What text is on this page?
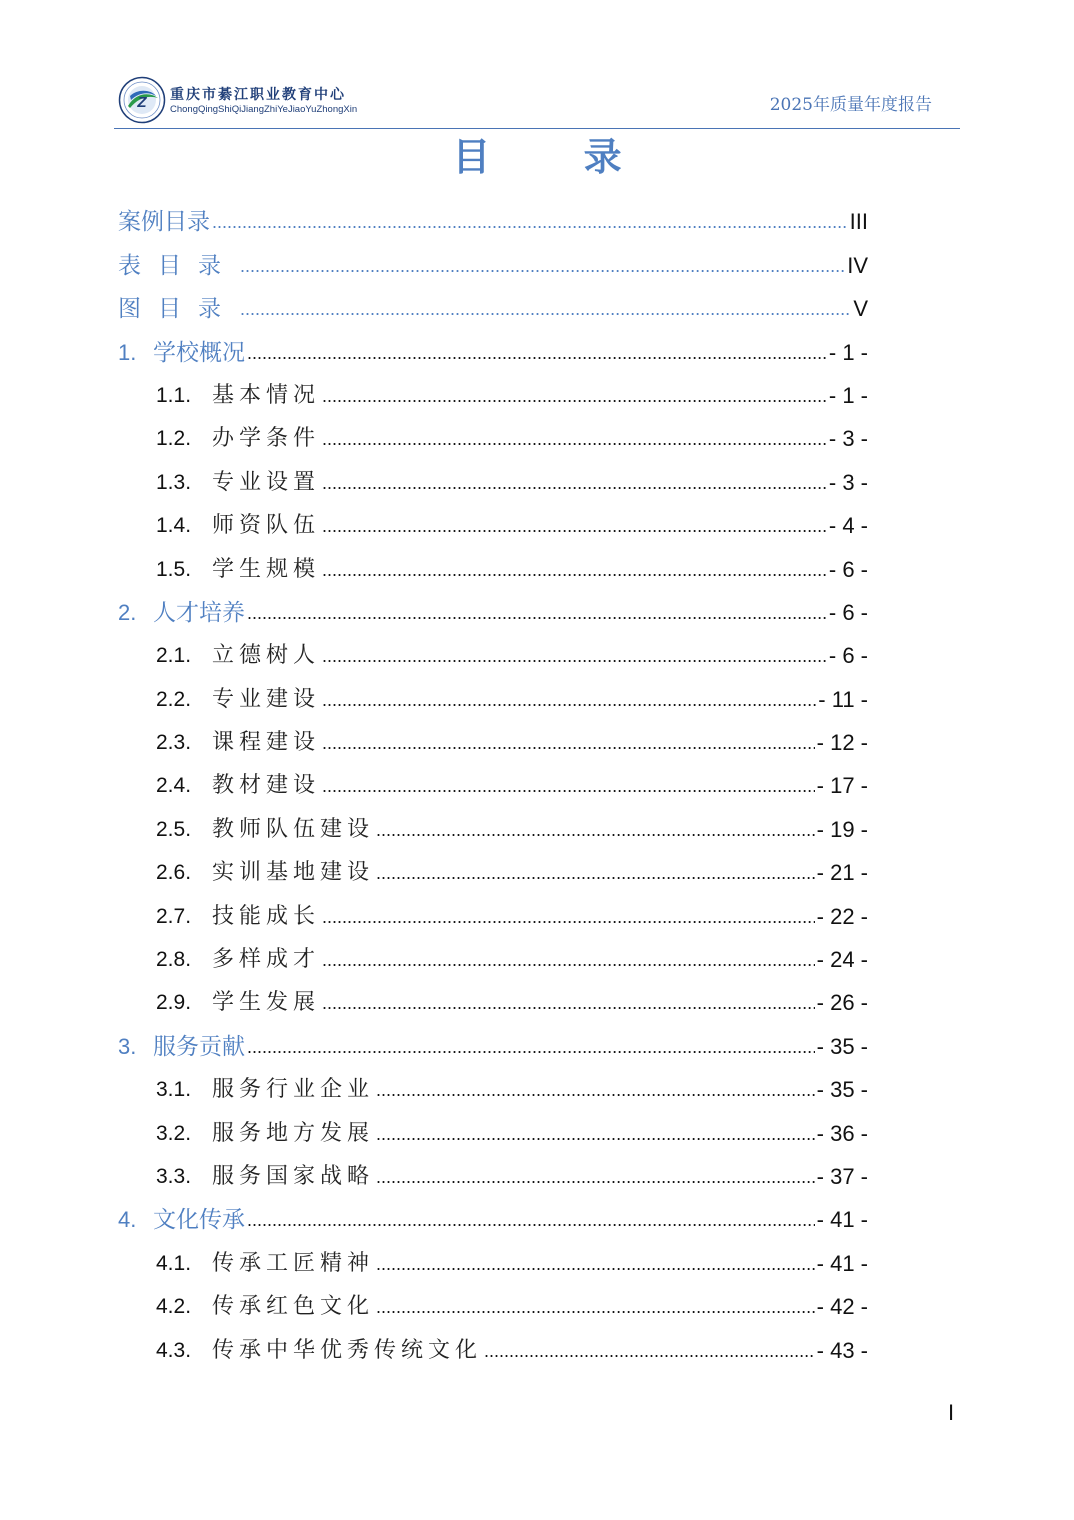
Z 重庆市綦江职业教育中心
ChongQingShiQiJiangZhiYeJiaoYuZhongXin	2025年质量年度报告
目 录
案例目录 .....	III
表目录 .....	IV
图目录 .....	V
1. 学校概况 .....	- 1 -
1.1. 基本情况 .....	- 1 -
1.2. 办学条件 .....	- 3 -
1.3. 专业设置 .....	- 3 -
1.4. 师资队伍 .....	- 4 -
1.5. 学生规模 .....	- 6 -
2. 人才培养 .....	- 6 -
2.1. 立德树人 .....	- 6 -
2.2. 专业建设 .....	- 11 -
2.3. 课程建设 .....	- 12 -
2.4. 教材建设 .....	- 17 -
2.5. 教师队伍建设 .....	- 19 -
2.6. 实训基地建设 .....	- 21 -
2.7. 技能成长 .....	- 22 -
2.8. 多样成才 .....	- 24 -
2.9. 学生发展 .....	- 26 -
3. 服务贡献 .....	- 35 -
3.1. 服务行业企业 .....	- 35 -
3.2. 服务地方发展 .....	- 36 -
3.3. 服务国家战略 .....	- 37 -
4. 文化传承 .....	- 41 -
4.1. 传承工匠精神 .....	- 41 -
4.2. 传承红色文化 .....	- 42 -
4.3. 传承中华优秀传统文化 .....	- 43 -
I
